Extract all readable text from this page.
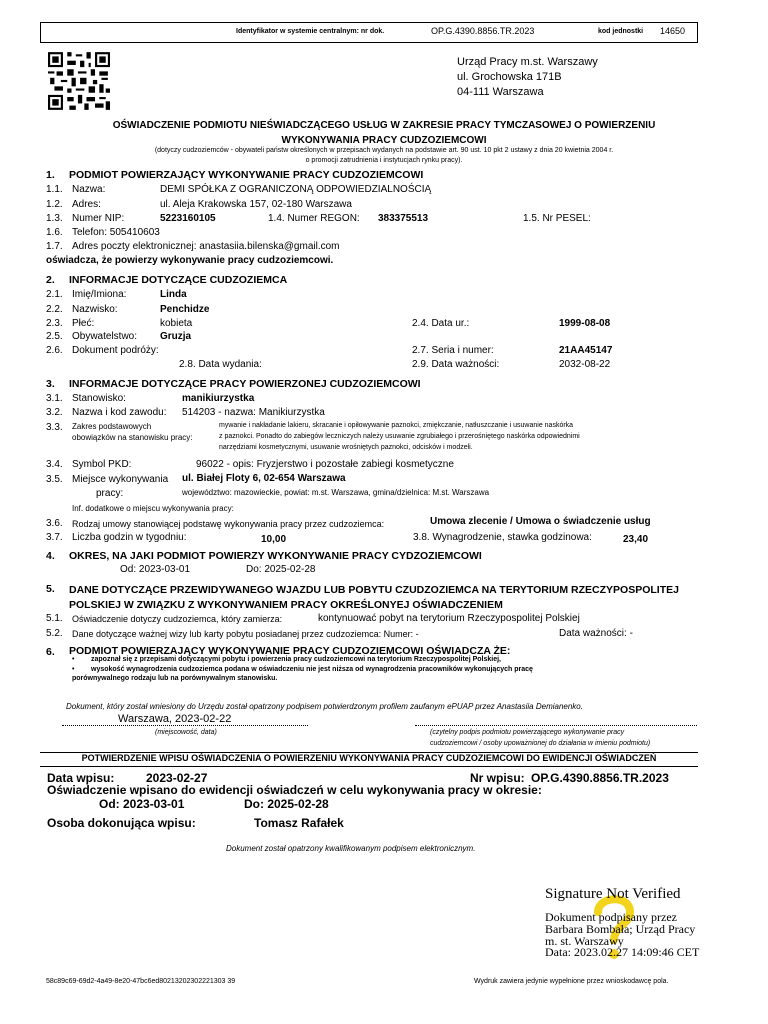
Identyfikator w systemie centralnym: nr dok.	OP.G.4390.8856.TR.2023	kod jednostki 14650
Urząd Pracy m.st. Warszawy
ul. Grochowska 171B
04-111 Warszawa
OŚWIADCZENIE PODMIOTU NIEŚWIADCZĄCEGO USŁUG W ZAKRESIE PRACY TYMCZASOWEJ O POWIERZENIU
WYKONYWANIA PRACY CUDZOZIEMCOWI
(dotyczy cudzoziemców - obywateli państw określonych w przepisach wydanych na podstawie art. 90 ust. 10 pkt 2 ustawy z dnia 20 kwietnia 2004 r.
o promocji zatrudnienia i instytucjach rynku pracy).
1. PODMIOT POWIERZAJĄCY WYKONYWANIE PRACY CUDZOZIEMCOWI
1.1. Nazwa:	DEMI SPÓŁKA Z OGRANICZONĄ ODPOWIEDZIALNOŚCIĄ
1.2. Adres:	ul. Aleja Krakowska 157, 02-180 Warszawa
1.3. Numer NIP:	5223160105	1.4. Numer REGON: 383375513	1.5. Nr PESEL:
1.6. Telefon: 505410603
1.7. Adres poczty elektronicznej: anastasiia.bilenska@gmail.com
oświadcza, że powierzy wykonywanie pracy cudzoziemcowi.
2. INFORMACJE DOTYCZĄCE CUDZOZIEMCA
2.1. Imię/Imiona:	Linda
2.2. Nazwisko:	Penchidze
2.3. Płeć:	kobieta	2.4. Data ur.:	1999-08-08
2.5. Obywatelstwo: Gruzja
2.6. Dokument podróży:	2.7. Seria i numer:	21AA45147
2.8. Data wydania:	2.9. Data ważności:	2032-08-22
3. INFORMACJE DOTYCZĄCE PRACY POWIERZONEJ CUDZOZIEMCOWI
3.1. Stanowisko:	manikiurzystka
3.2. Nazwa i kod zawodu: 514203 - nazwa: Manikiurzystka
3.3. Zakres podstawowych
obowiązków na stanowisku pracy:
mywanie i nakładanie lakieru, skracanie i opiłowywanie paznokci, zmiękczanie, natłuszczanie i usuwanie naskórka
z paznokci. Ponadto do zabiegów leczniczych należy usuwanie zgrubiałego i przerośniętego naskórka odpowiednimi
narzędziami kosmetycznymi, usuwanie wrośniętych paznokci, odcisków i modzeli.
3.4. Symbol PKD:	96022 - opis: Fryzjerstwo i pozostałe zabiegi kosmetyczne
3.5. Miejsce wykonywania
pracy:
ul. Białej Floty 6, 02-654 Warszawa
województwo: mazowieckie, powiat: m.st. Warszawa, gmina/dzielnica: M.st. Warszawa
Inf. dodatkowe o miejscu wykonywania pracy:
3.6. Rodzaj umowy stanowiącej podstawę wykonywania pracy przez cudzoziemca:	Umowa zlecenie / Umowa o świadczenie usług
3.7. Liczba godzin w tygodniu:	10,00	3.8. Wynagrodzenie, stawka godzinowa:	23,40
4. OKRES, NA JAKI PODMIOT POWIERZY WYKONYWANIE PRACY CYDZOZIEMCOWI
Od: 2023-03-01	Do: 2025-02-28
5. DANE DOTYCZĄCE PRZEWIDYWANEGO WJAZDU LUB POBYTU CZUDZOZIEMCA NA TERYTORIUM RZECZYPOSPOLITEJ
POLSKIEJ W ZWIĄZKU Z WYKONYWANIEM PRACY OKREŚLONYEJ OŚWIADCZENIEM
5.1. Oświadczenie dotyczy cudzoziemca, który zamierza:	kontynuować pobyt na terytorium Rzeczypospolitej Polskiej
5.2. Dane dotyczące ważnej wizy lub karty pobytu posiadanej przez cudzoziemca: Numer: -	Data ważności: -
6. PODMIOT POWIERZAJĄCY WYKONYWANIE PRACY CUDZOZIEMCOWI OŚWIADCZA ŻE:
• zapoznał się z przepisami dotyczącymi pobytu i powierzenia pracy cudzoziemcowi na terytorium Rzeczypospolitej Polskiej,
• wysokość wynagrodzenia cudzoziemca podana w oświadczeniu nie jest niższa od wynagrodzenia pracowników wykonujących pracę
porównywalnego rodzaju lub na porównywalnym stanowisku.
Dokument, który został wniesiony do Urzędu został opatrzony podpisem potwierdzonym profilem zaufanym ePUAP przez Anastasiia Demianenko.
Warszawa, 2023-02-22
(miejscowość, data)	(czytelny podpis podmiotu powierzającego wykonywanie pracy
cudzoziemcowi / osoby upoważnionej do działania w imieniu podmiotu)
POTWIERDZENIE WPISU OŚWIADCZENIA O POWIERZENIU WYKONYWANIA PRACY CUDZOZIEMCOWI DO EWIDENCJI OŚWIADCZEŃ
Data wpisu:	2023-02-27	Nr wpisu: OP.G.4390.8856.TR.2023
Oświadczenie wpisano do ewidencji oświadczeń w celu wykonywania pracy w okresie:
Od: 2023-03-01	Do: 2025-02-28
Osoba dokonująca wpisu:	Tomasz Rafałek
Dokument został opatrzony kwalifikowanym podpisem elektronicznym.
Signature Not Verified
Dokument podpisany przez
Barbara Bombała; Urząd Pracy
m. st. Warszawy
Data: 2023.02.27 14:09:46 CET
58c89c69-69d2-4a49-8e20-47bc6ed80213202302221303 39	Wydruk zawiera jedynie wypełnione przez wnioskodawcę pola.
